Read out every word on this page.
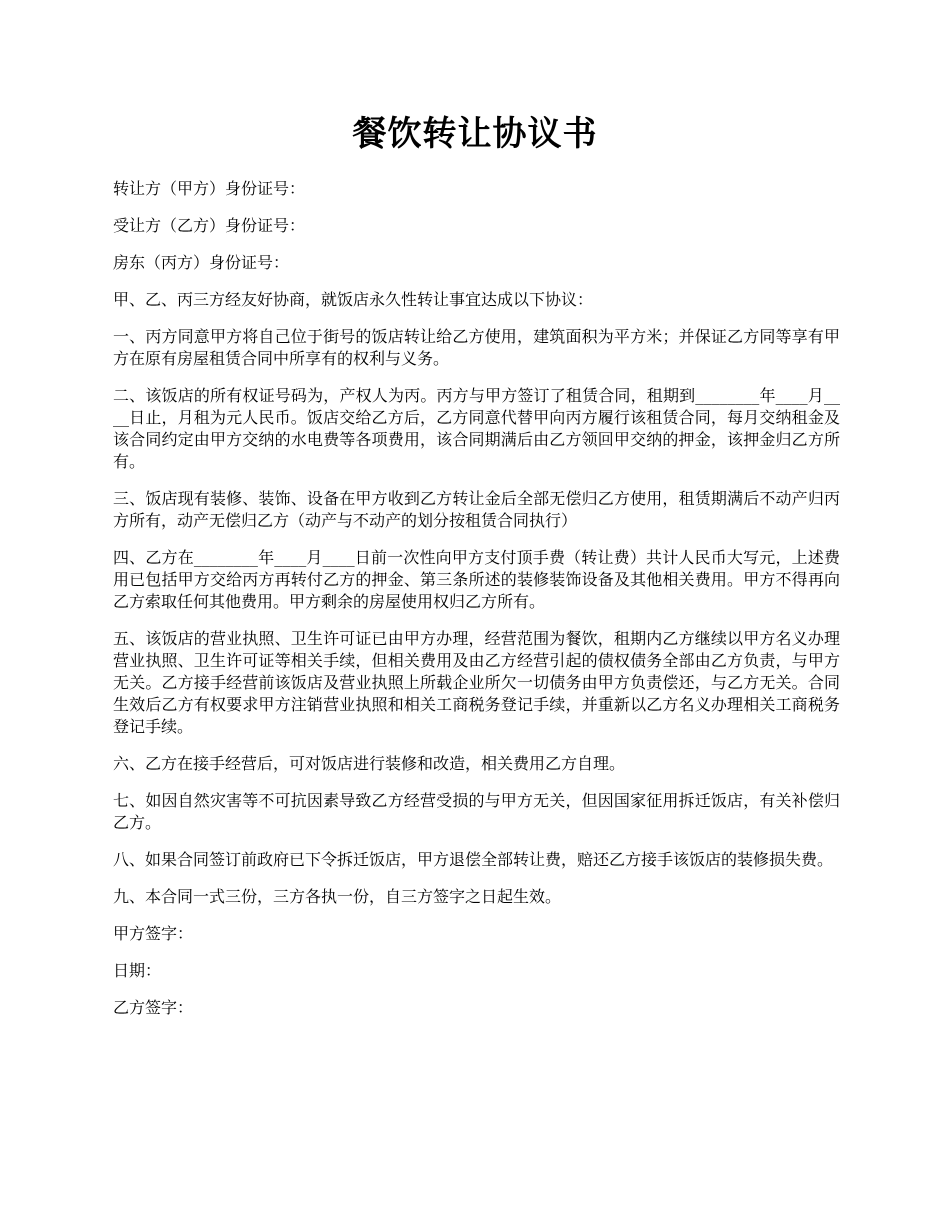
餐饮转让协议书

转让方（甲方）身份证号：

受让方（乙方）身份证号：

房东（丙方）身份证号：

甲、乙、丙三方经友好协商，就饭店永久性转让事宜达成以下协议：

一、丙方同意甲方将自己位于街号的饭店转让给乙方使用，建筑面积为平方米；并保证乙方同等享有甲方在原有房屋租赁合同中所享有的权利与义务。

二、该饭店的所有权证号码为，产权人为丙。丙方与甲方签订了租赁合同，租期到________年____月____日止，月租为元人民币。饭店交给乙方后，乙方同意代替甲向丙方履行该租赁合同，每月交纳租金及该合同约定由甲方交纳的水电费等各项费用，该合同期满后由乙方领回甲交纳的押金，该押金归乙方所有。

三、饭店现有装修、装饰、设备在甲方收到乙方转让金后全部无偿归乙方使用，租赁期满后不动产归丙方所有，动产无偿归乙方（动产与不动产的划分按租赁合同执行）

四、乙方在________年____月____日前一次性向甲方支付顶手费（转让费）共计人民币大写元，上述费用已包括甲方交给丙方再转付乙方的押金、第三条所述的装修装饰设备及其他相关费用。甲方不得再向乙方索取任何其他费用。甲方剩余的房屋使用权归乙方所有。

五、该饭店的营业执照、卫生许可证已由甲方办理，经营范围为餐饮，租期内乙方继续以甲方名义办理营业执照、卫生许可证等相关手续，但相关费用及由乙方经营引起的债权债务全部由乙方负责，与甲方无关。乙方接手经营前该饭店及营业执照上所载企业所欠一切债务由甲方负责偿还，与乙方无关。合同生效后乙方有权要求甲方注销营业执照和相关工商税务登记手续，并重新以乙方名义办理相关工商税务登记手续。

六、乙方在接手经营后，可对饭店进行装修和改造，相关费用乙方自理。

七、如因自然灾害等不可抗因素导致乙方经营受损的与甲方无关，但因国家征用拆迁饭店，有关补偿归乙方。

八、如果合同签订前政府已下令拆迁饭店，甲方退偿全部转让费，赔还乙方接手该饭店的装修损失费。

九、本合同一式三份，三方各执一份，自三方签字之日起生效。

甲方签字：

日期：

乙方签字：
